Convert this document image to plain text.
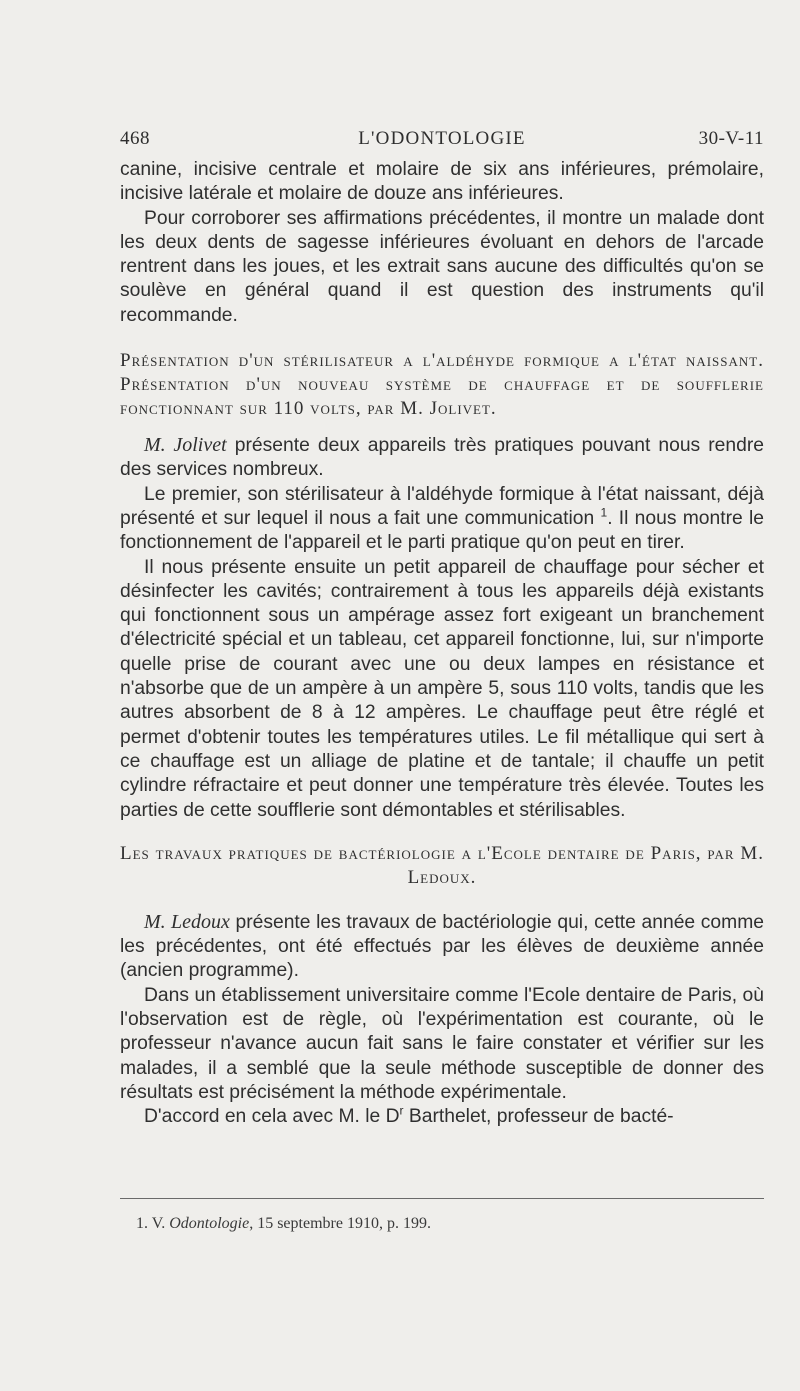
468	L'ODONTOLOGIE	30-V-11

canine, incisive centrale et molaire de six ans inférieures, prémolaire, incisive latérale et molaire de douze ans inférieures.

Pour corroborer ses affirmations précédentes, il montre un malade dont les deux dents de sagesse inférieures évoluant en dehors de l'arcade rentrent dans les joues, et les extrait sans aucune des difficultés qu'on se soulève en général quand il est question des instruments qu'il recommande.

Présentation d'un stérilisateur a l'aldéhyde formique a l'état naissant. Présentation d'un nouveau système de chauffage et de soufflerie fonctionnant sur 110 volts, par M. Jolivet.

M. Jolivet présente deux appareils très pratiques pouvant nous rendre des services nombreux.

Le premier, son stérilisateur à l'aldéhyde formique à l'état naissant, déjà présenté et sur lequel il nous a fait une communication $^1$. Il nous montre le fonctionnement de l'appareil et le parti pratique qu'on peut en tirer.

Il nous présente ensuite un petit appareil de chauffage pour sécher et désinfecter les cavités; contrairement à tous les appareils déjà existants qui fonctionnent sous un ampérage assez fort exigeant un branchement d'électricité spécial et un tableau, cet appareil fonctionne, lui, sur n'importe quelle prise de courant avec une ou deux lampes en résistance et n'absorbe que de un ampère à un ampère 5, sous 110 volts, tandis que les autres absorbent de 8 à 12 ampères. Le chauffage peut être réglé et permet d'obtenir toutes les températures utiles. Le fil métallique qui sert à ce chauffage est un alliage de platine et de tantale; il chauffe un petit cylindre réfractaire et peut donner une température très élevée. Toutes les parties de cette soufflerie sont démontables et stérilisables.

Les travaux pratiques de bactériologie a l'Ecole dentaire de Paris, par M. Ledoux.

M. Ledoux présente les travaux de bactériologie qui, cette année comme les précédentes, ont été effectués par les élèves de deuxième année (ancien programme).

Dans un établissement universitaire comme l'Ecole dentaire de Paris, où l'observation est de règle, où l'expérimentation est courante, où le professeur n'avance aucun fait sans le faire constater et vérifier sur les malades, il a semblé que la seule méthode susceptible de donner des résultats est précisément la méthode expérimentale.

D'accord en cela avec M. le D$^r$ Barthelet, professeur de bacté-

1. V. Odontologie, 15 septembre 1910, p. 199.
